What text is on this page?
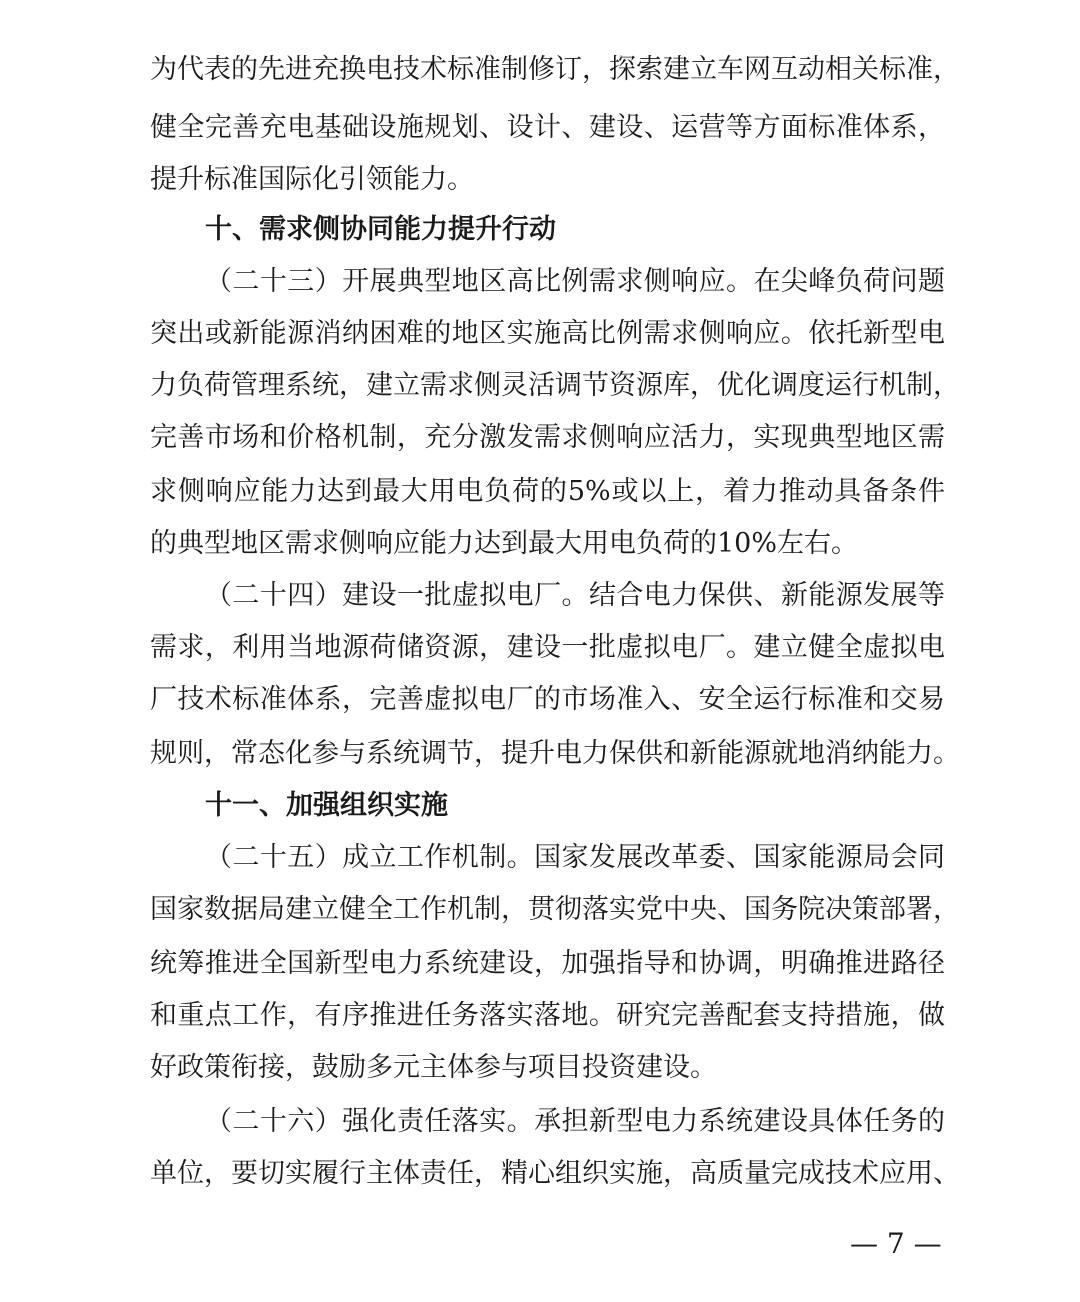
为代表的先进充换电技术标准制修订，探索建立车网互动相关标准，
健全完善充电基础设施规划、设计、建设、运营等方面标准体系，
提升标准国际化引领能力。
十、需求侧协同能力提升行动
（二十三）开展典型地区高比例需求侧响应。在尖峰负荷问题
突出或新能源消纳困难的地区实施高比例需求侧响应。依托新型电
力负荷管理系统，建立需求侧灵活调节资源库，优化调度运行机制，
完善市场和价格机制，充分激发需求侧响应活力，实现典型地区需
求侧响应能力达到最大用电负荷的5%或以上，着力推动具备条件
的典型地区需求侧响应能力达到最大用电负荷的10%左右。
（二十四）建设一批虚拟电厂。结合电力保供、新能源发展等
需求，利用当地源荷储资源，建设一批虚拟电厂。建立健全虚拟电
厂技术标准体系，完善虚拟电厂的市场准入、安全运行标准和交易
规则，常态化参与系统调节，提升电力保供和新能源就地消纳能力。
十一、加强组织实施
（二十五）成立工作机制。国家发展改革委、国家能源局会同
国家数据局建立健全工作机制，贯彻落实党中央、国务院决策部署，
统筹推进全国新型电力系统建设，加强指导和协调，明确推进路径
和重点工作，有序推进任务落实落地。研究完善配套支持措施，做
好政策衔接，鼓励多元主体参与项目投资建设。
（二十六）强化责任落实。承担新型电力系统建设具体任务的
单位，要切实履行主体责任，精心组织实施，高质量完成技术应用、
— 7 —
